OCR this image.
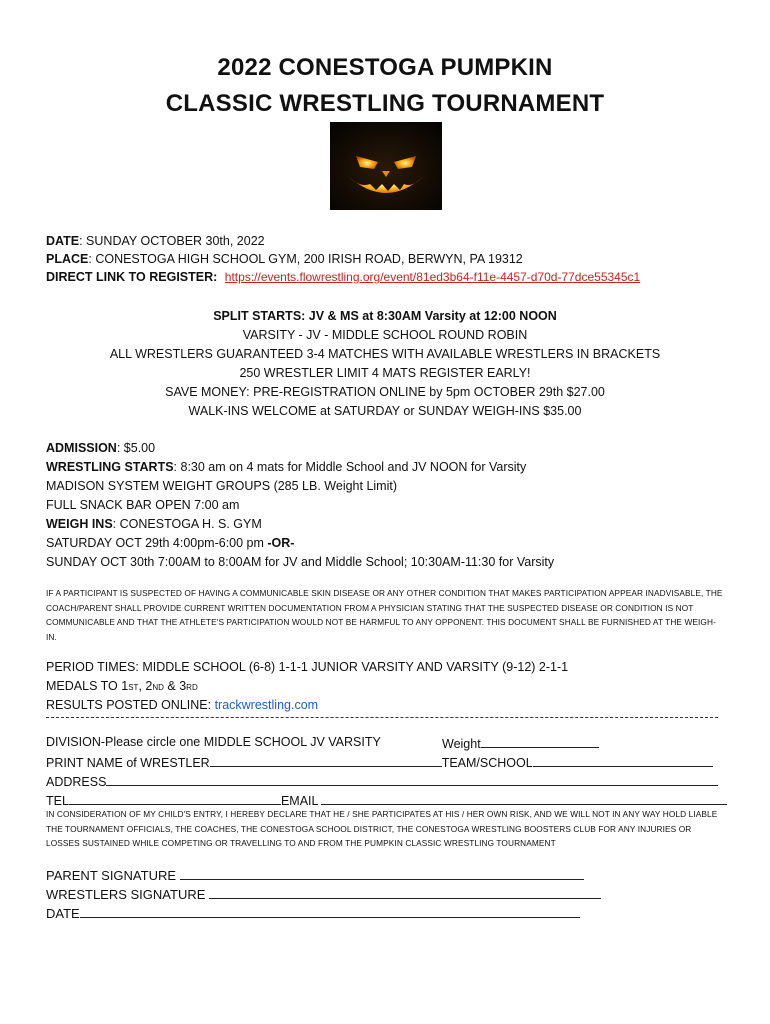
2022 CONESTOGA PUMPKIN
CLASSIC WRESTLING TOURNAMENT
DATE: SUNDAY OCTOBER 30th, 2022
PLACE: CONESTOGA HIGH SCHOOL GYM, 200 IRISH ROAD, BERWYN, PA 19312
DIRECT LINK TO REGISTER: https://events.flowrestling.org/event/81ed3b64-f11e-4457-d70d-77dce55345c1
SPLIT STARTS: JV & MS at 8:30AM Varsity at 12:00 NOON
VARSITY - JV - MIDDLE SCHOOL ROUND ROBIN
ALL WRESTLERS GUARANTEED 3-4 MATCHES WITH AVAILABLE WRESTLERS IN BRACKETS
250 WRESTLER LIMIT 4 MATS REGISTER EARLY!
SAVE MONEY: PRE-REGISTRATION ONLINE by 5pm OCTOBER 29th $27.00
WALK-INS WELCOME at SATURDAY or SUNDAY WEIGH-INS $35.00
ADMISSION: $5.00
WRESTLING STARTS: 8:30 am on 4 mats for Middle School and JV NOON for Varsity
MADISON SYSTEM WEIGHT GROUPS (285 LB. Weight Limit)
FULL SNACK BAR OPEN 7:00 am
WEIGH INS: CONESTOGA H. S. GYM
SATURDAY OCT 29th 4:00pm-6:00 pm -OR-
SUNDAY OCT 30th 7:00AM to 8:00AM for JV and Middle School; 10:30AM-11:30 for Varsity
IF A PARTICIPANT IS SUSPECTED OF HAVING A COMMUNICABLE SKIN DISEASE OR ANY OTHER CONDITION THAT MAKES PARTICIPATION APPEAR INADVISABLE, THE COACH/PARENT SHALL PROVIDE CURRENT WRITTEN DOCUMENTATION FROM A PHYSICIAN STATING THAT THE SUSPECTED DISEASE OR CONDITION IS NOT COMMUNICABLE AND THAT THE ATHLETE'S PARTICIPATION WOULD NOT BE HARMFUL TO ANY OPPONENT. THIS DOCUMENT SHALL BE FURNISHED AT THE WEIGH-IN.
PERIOD TIMES: MIDDLE SCHOOL (6-8) 1-1-1 JUNIOR VARSITY AND VARSITY (9-12) 2-1-1
MEDALS TO 1ST, 2ND & 3RD
RESULTS POSTED ONLINE: trackwrestling.com
DIVISION-Please circle one MIDDLE SCHOOL JV VARSITY	Weight
PRINT NAME of WRESTLER	TEAM/SCHOOL
ADDRESS
TEL	EMAIL
IN CONSIDERATION OF MY CHILD'S ENTRY, I HEREBY DECLARE THAT HE / SHE PARTICIPATES AT HIS / HER OWN RISK, AND WE WILL NOT IN ANY WAY HOLD LIABLE THE TOURNAMENT OFFICIALS, THE COACHES, THE CONESTOGA SCHOOL DISTRICT, THE CONESTOGA WRESTLING BOOSTERS CLUB FOR ANY INJURIES OR LOSSES SUSTAINED WHILE COMPETING OR TRAVELLING TO AND FROM THE PUMPKIN CLASSIC WRESTLING TOURNAMENT
PARENT SIGNATURE
WRESTLERS SIGNATURE
DATE
